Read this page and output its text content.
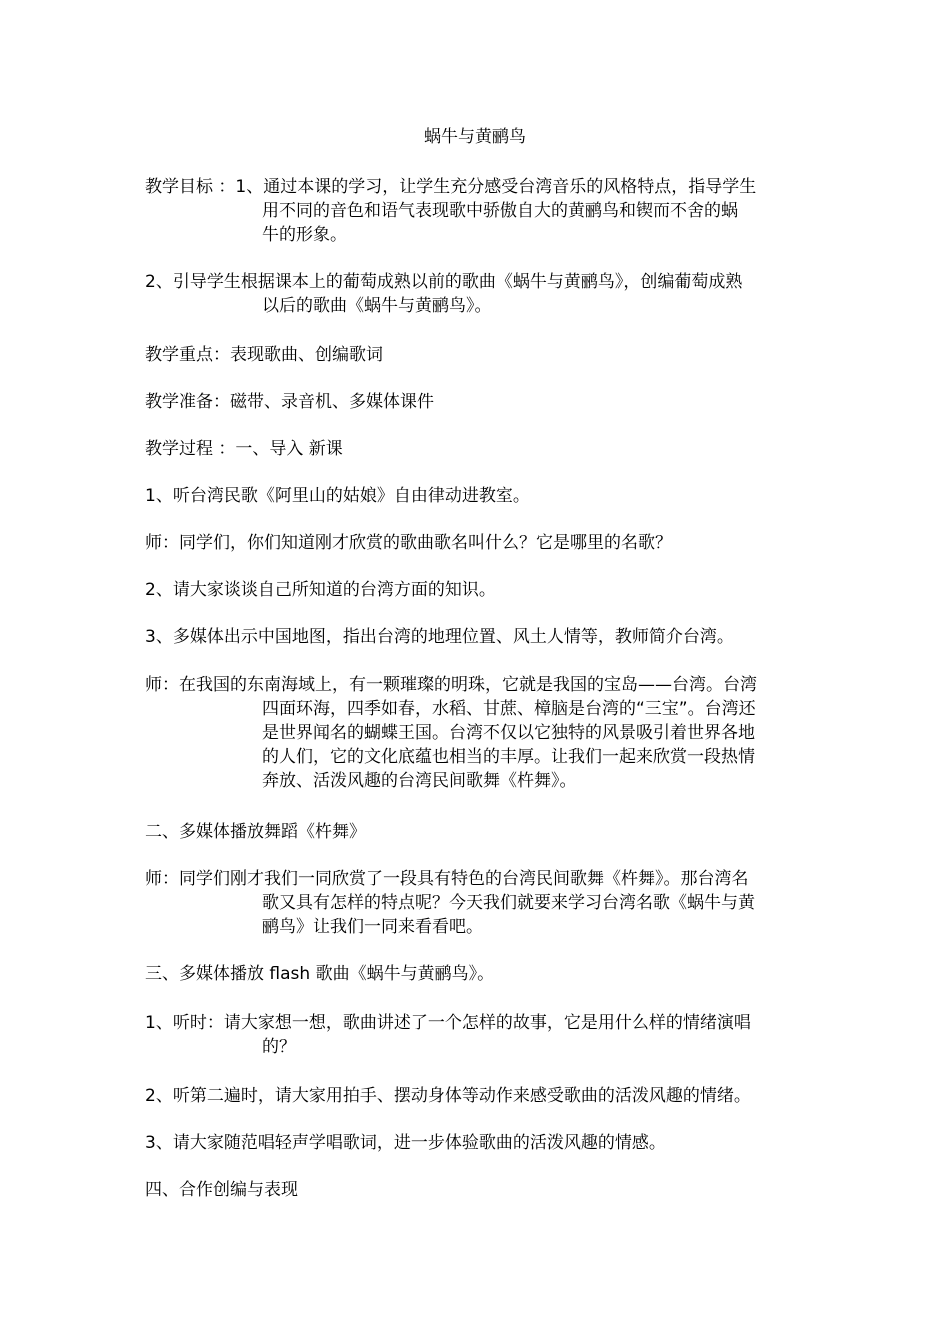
蜗牛与黄鹂鸟
教学目标 ：1、通过本课的学习，让学生充分感受台湾音乐的风格特点，指导学生
用不同的音色和语气表现歌中骄傲自大的黄鹂鸟和锲而不舍的蜗
牛的形象。
2、引导学生根据课本上的葡萄成熟以前的歌曲《蜗牛与黄鹂鸟》，创编葡萄成熟
以后的歌曲《蜗牛与黄鹂鸟》。
教学重点：表现歌曲、创编歌词
教学准备：磁带、录音机、多媒体课件
教学过程 ：一、导入 新课
1、听台湾民歌《阿里山的姑娘》自由律动进教室。
师：同学们，你们知道刚才欣赏的歌曲歌名叫什么？它是哪里的名歌？
2、请大家谈谈自己所知道的台湾方面的知识。
3、多媒体出示中国地图，指出台湾的地理位置、风土人情等，教师简介台湾。
师：在我国的东南海域上，有一颗璀璨的明珠，它就是我国的宝岛——台湾。台湾
四面环海，四季如春，水稻、甘蔗、樟脑是台湾的“三宝”。台湾还
是世界闻名的蝴蝶王国。台湾不仅以它独特的风景吸引着世界各地
的人们，它的文化底蕴也相当的丰厚。让我们一起来欣赏一段热情
奔放、活泼风趣的台湾民间歌舞《杵舞》。
二、多媒体播放舞蹈《杵舞》
师：同学们刚才我们一同欣赏了一段具有特色的台湾民间歌舞《杵舞》。那台湾名
歌又具有怎样的特点呢？今天我们就要来学习台湾名歌《蜗牛与黄
鹂鸟》让我们一同来看看吧。
三、多媒体播放 flash 歌曲《蜗牛与黄鹂鸟》。
1、听时：请大家想一想，歌曲讲述了一个怎样的故事，它是用什么样的情绪演唱
的？
2、听第二遍时，请大家用拍手、摆动身体等动作来感受歌曲的活泼风趣的情绪。
3、请大家随范唱轻声学唱歌词，进一步体验歌曲的活泼风趣的情感。
四、合作创编与表现
